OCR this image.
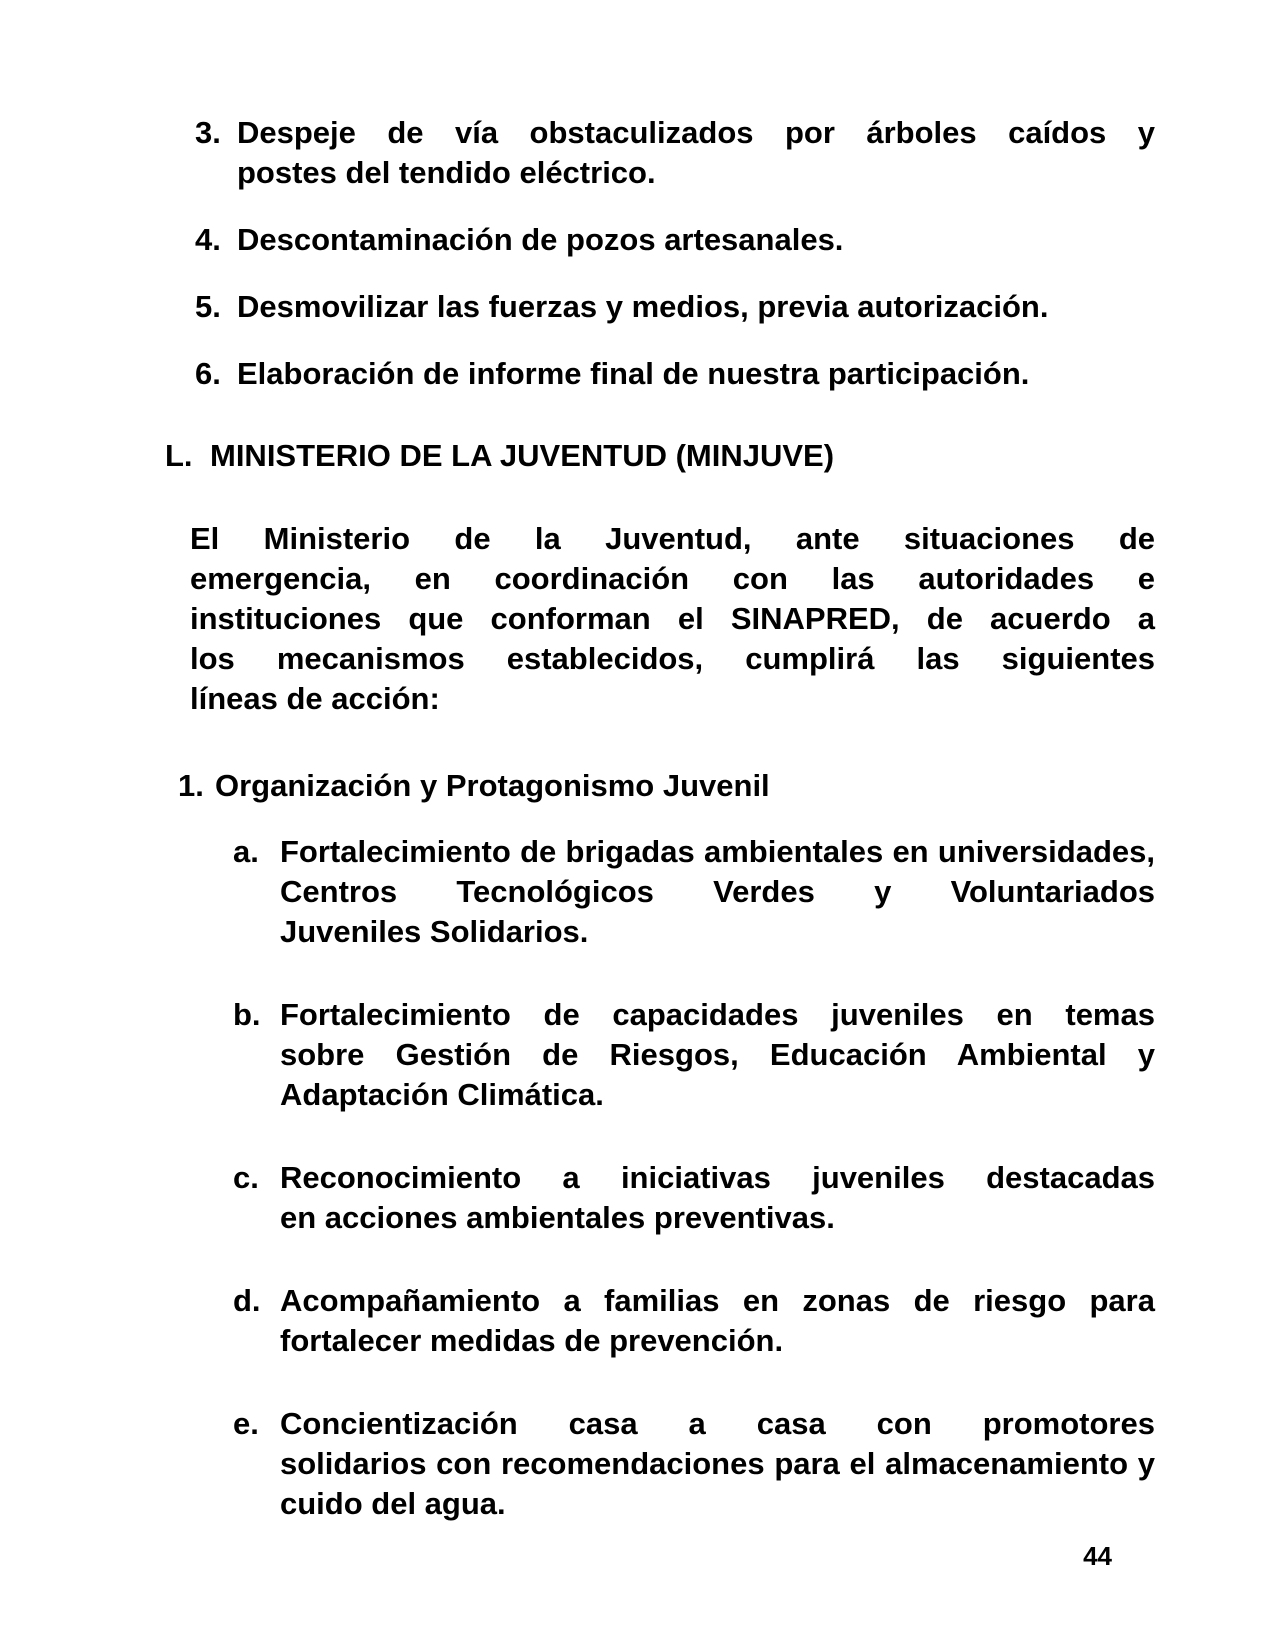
3. Despeje de vía obstaculizados por árboles caídos y
postes del tendido eléctrico.
4. Descontaminación de pozos artesanales.
5. Desmovilizar las fuerzas y medios, previa autorización.
6. Elaboración de informe final de nuestra participación.
L. MINISTERIO DE LA JUVENTUD (MINJUVE)
El Ministerio de la Juventud, ante situaciones de
emergencia, en coordinación con las autoridades e
instituciones que conforman el SINAPRED, de acuerdo a
los mecanismos establecidos, cumplirá las siguientes
líneas de acción:
1. Organización y Protagonismo Juvenil
a. Fortalecimiento de brigadas ambientales en universidades,
Centros Tecnológicos Verdes y Voluntariados
Juveniles Solidarios.
b. Fortalecimiento de capacidades juveniles en temas
sobre Gestión de Riesgos, Educación Ambiental y
Adaptación Climática.
c. Reconocimiento a iniciativas juveniles destacadas
en acciones ambientales preventivas.
d. Acompañamiento a familias en zonas de riesgo para
fortalecer medidas de prevención.
e. Concientización casa a casa con promotores
solidarios con recomendaciones para el almacenamiento y
cuido del agua.
44
